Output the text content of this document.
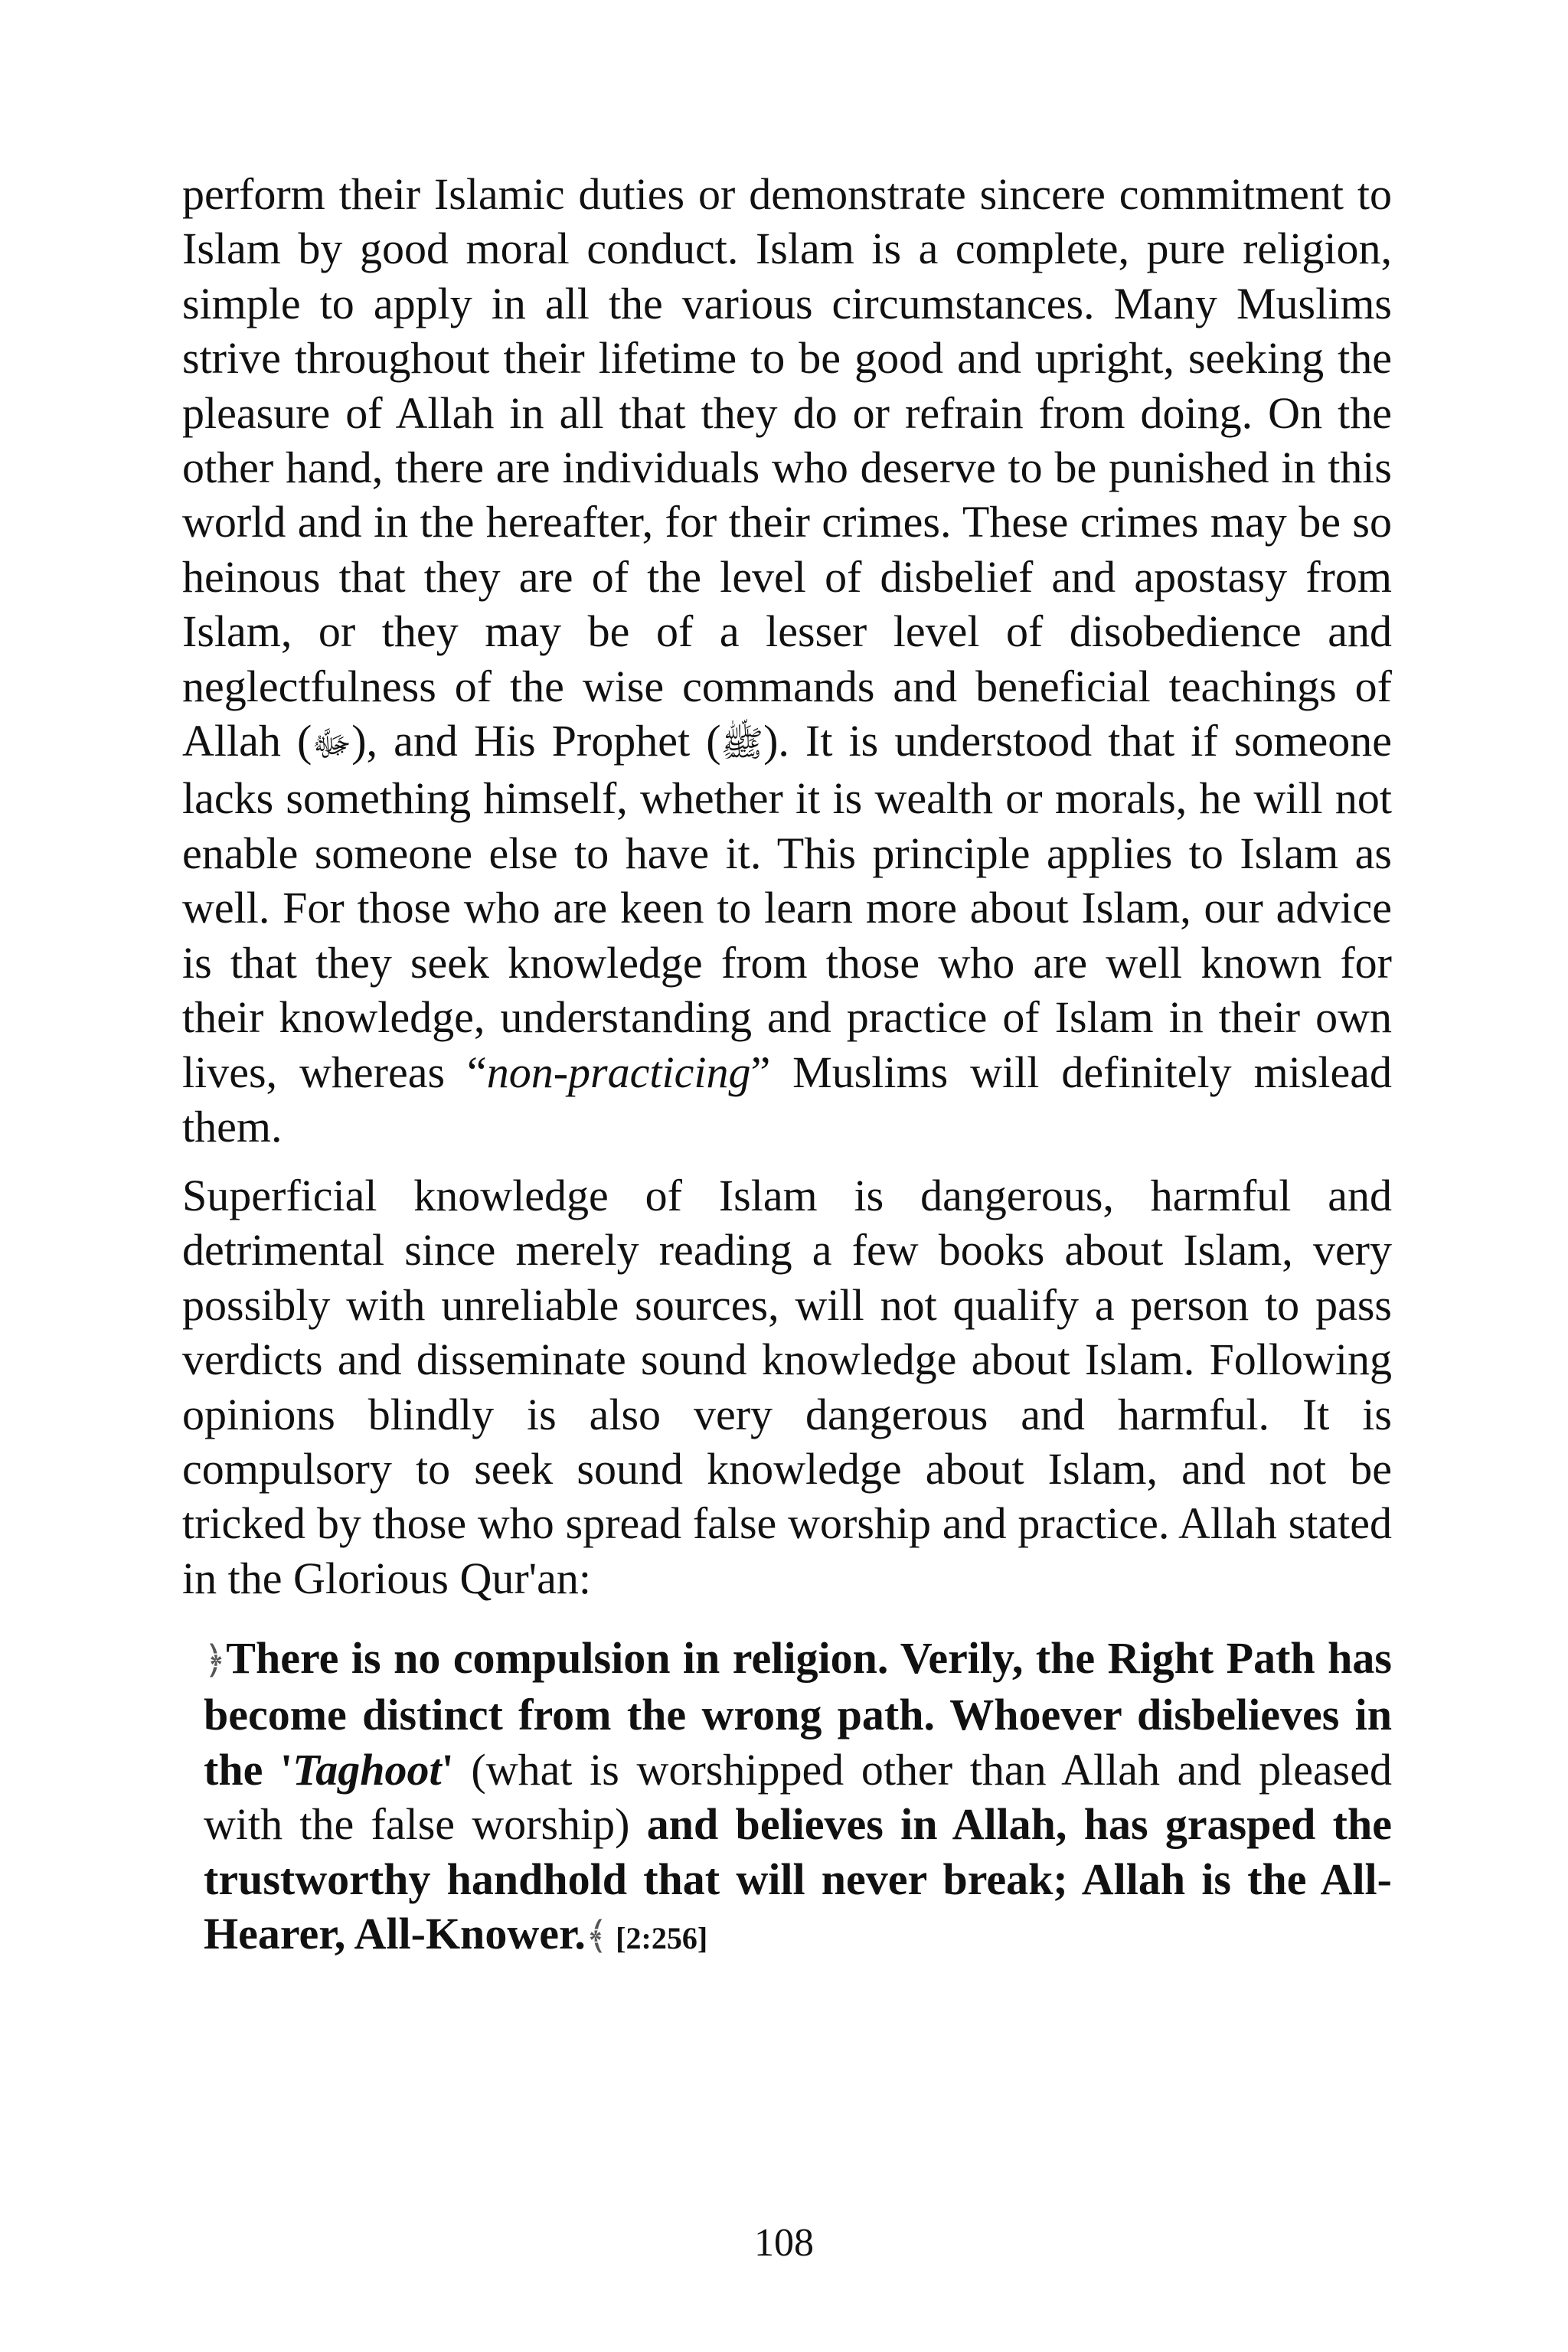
perform their Islamic duties or demonstrate sincere commitment to Islam by good moral conduct. Islam is a complete, pure religion, simple to apply in all the various circumstances. Many Muslims strive throughout their lifetime to be good and upright, seeking the pleasure of Allah in all that they do or refrain from doing. On the other hand, there are individuals who deserve to be punished in this world and in the hereafter, for their crimes. These crimes may be so heinous that they are of the level of disbelief and apostasy from Islam, or they may be of a lesser level of disobedience and neglectfulness of the wise commands and beneficial teachings of Allah (ﷻ), and His Prophet (ﷺ). It is understood that if someone lacks something himself, whether it is wealth or morals, he will not enable someone else to have it. This principle applies to Islam as well. For those who are keen to learn more about Islam, our advice is that they seek knowledge from those who are well known for their knowledge, understanding and practice of Islam in their own lives, whereas “non-practicing” Muslims will definitely mislead them.
Superficial knowledge of Islam is dangerous, harmful and detrimental since merely reading a few books about Islam, very possibly with unreliable sources, will not qualify a person to pass verdicts and disseminate sound knowledge about Islam. Following opinions blindly is also very dangerous and harmful. It is compulsory to seek sound knowledge about Islam, and not be tricked by those who spread false worship and practice. Allah stated in the Glorious Qur'an:
﴿There is no compulsion in religion. Verily, the Right Path has become distinct from the wrong path. Whoever disbelieves in the 'Taghoot' (what is worshipped other than Allah and pleased with the false worship) and believes in Allah, has grasped the trustworthy handhold that will never break; Allah is the All-Hearer, All-Knower.﴾ [2:256]
108
